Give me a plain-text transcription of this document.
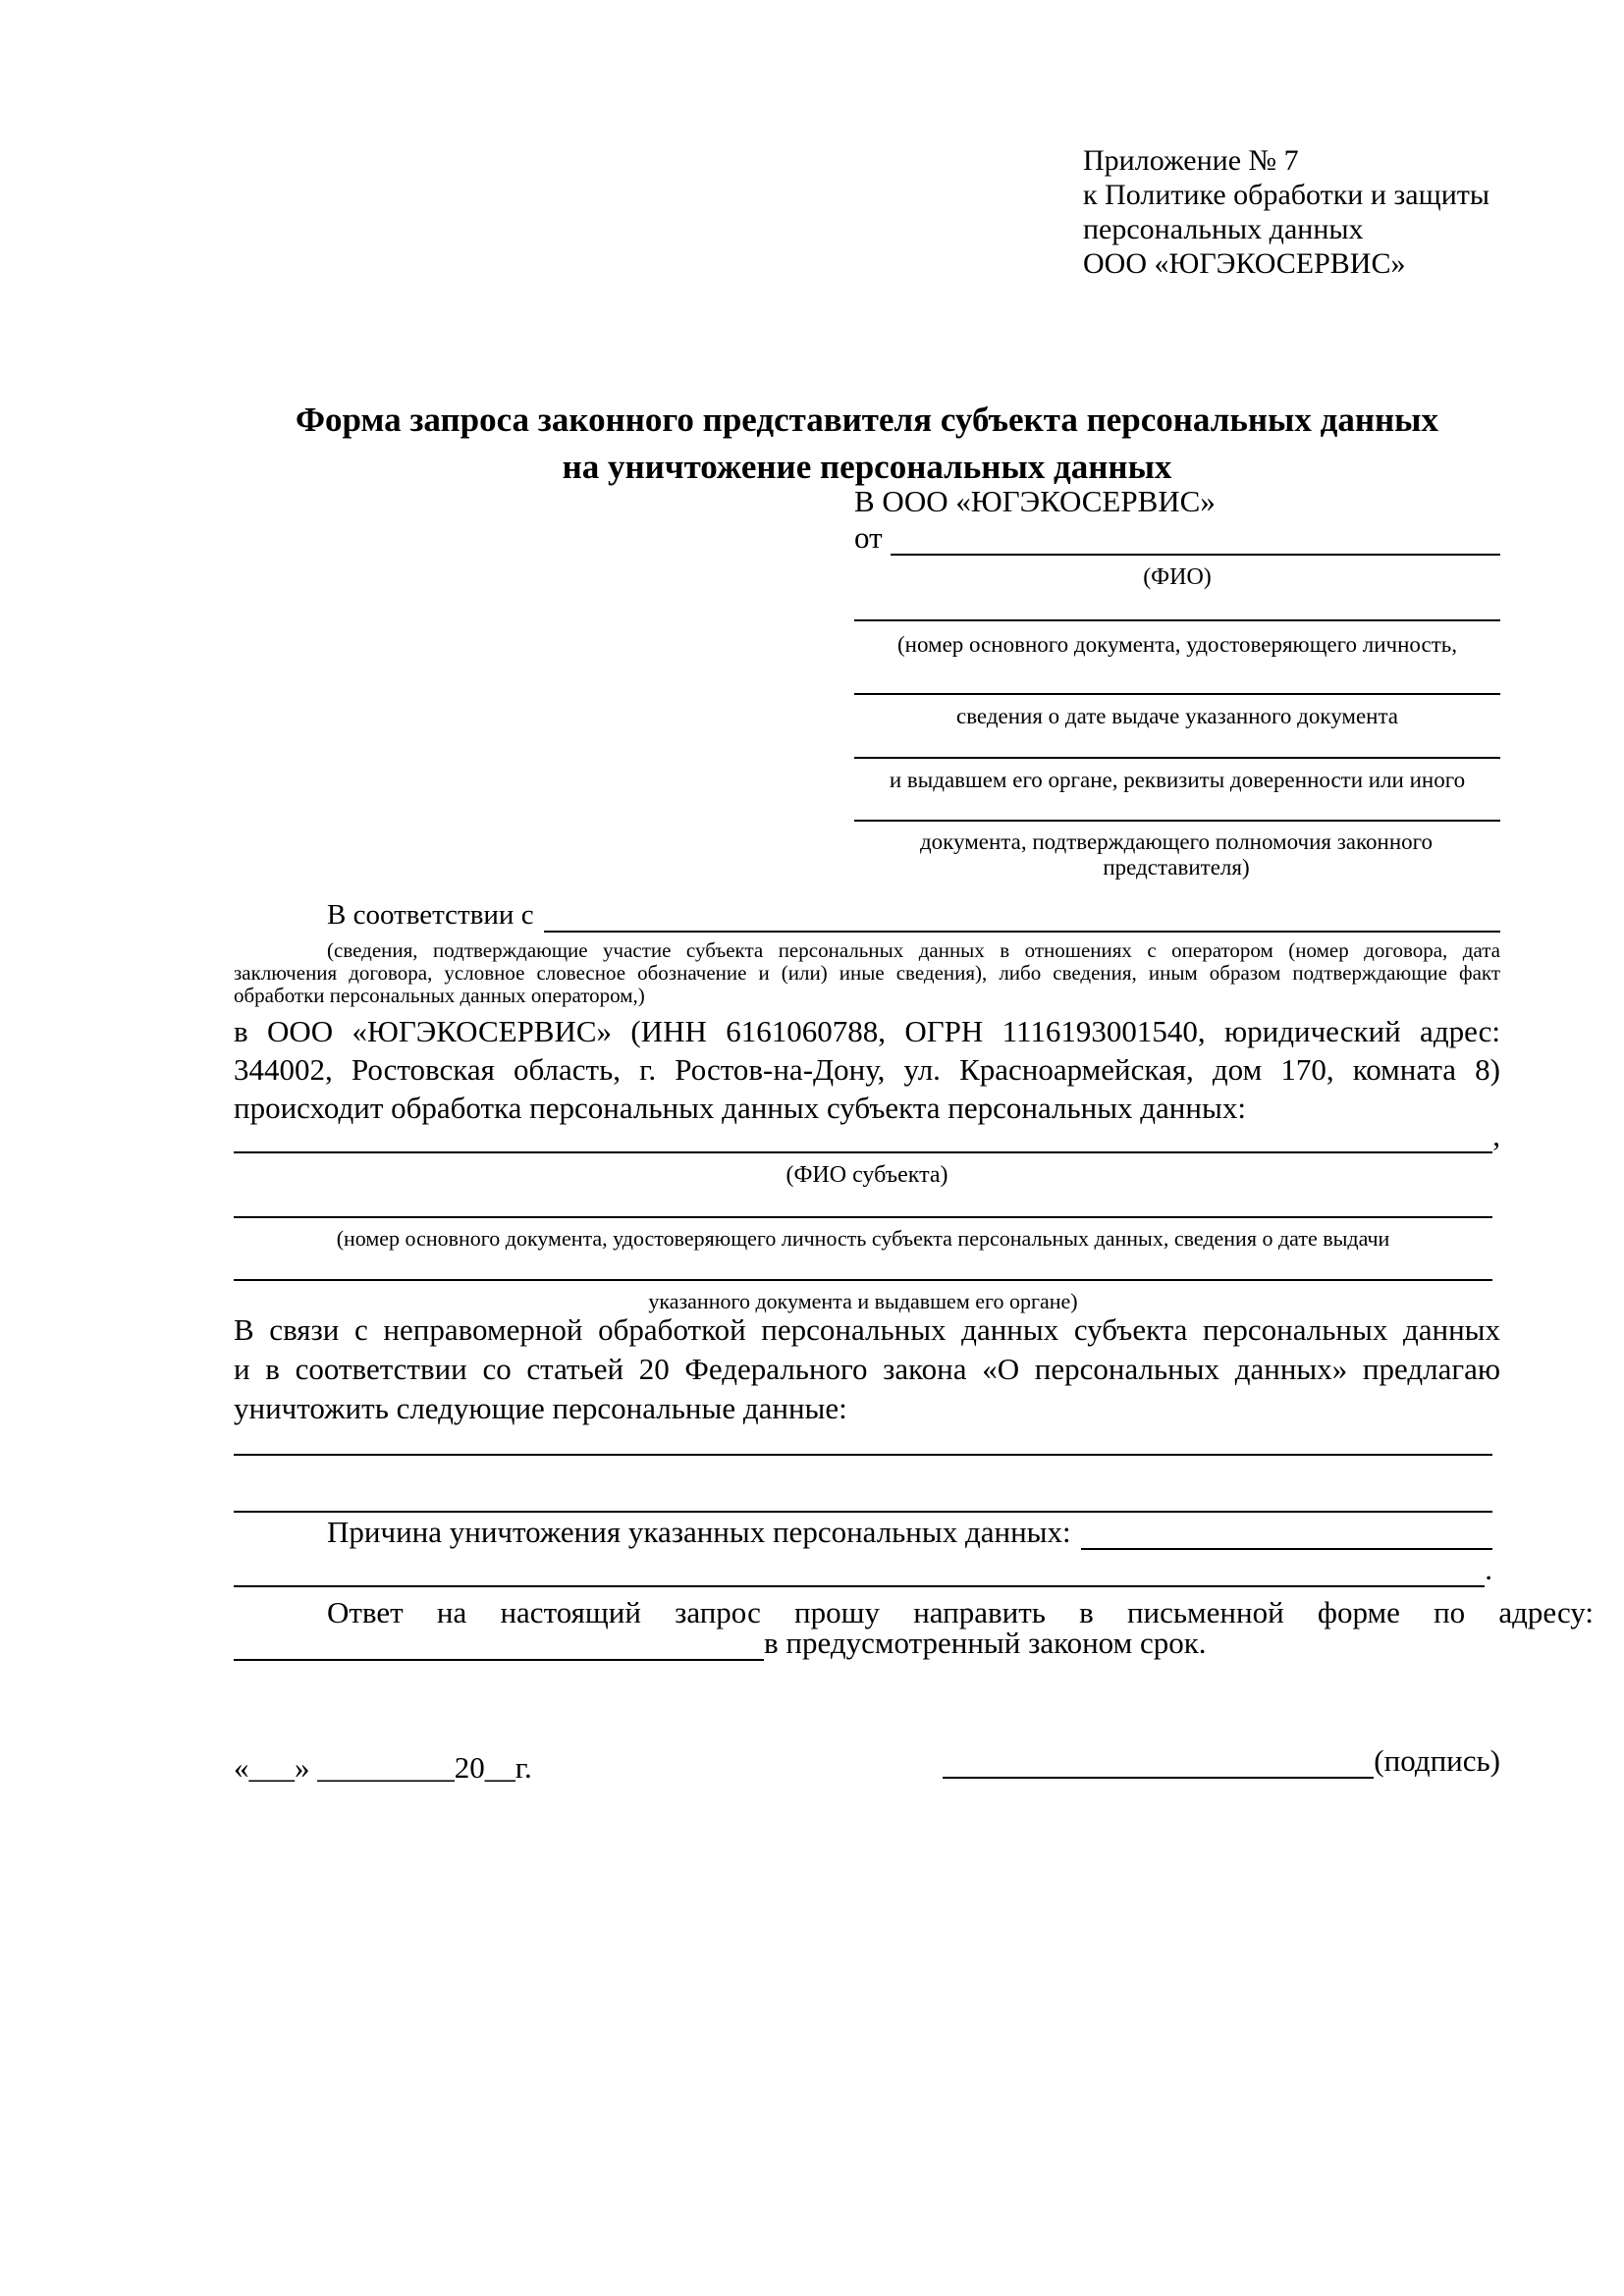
Приложение № 7
к Политике обработки и защиты
персональных данных
ООО «ЮГЭКОСЕРВИС»
Форма запроса законного представителя субъекта персональных данных
на уничтожение персональных данных
В ООО «ЮГЭКОСЕРВИС»
от
(ФИО)
(номер основного документа, удостоверяющего личность,
сведения о дате выдаче указанного документа
и выдавшем его органе, реквизиты доверенности или иного
документа, подтверждающего полномочия законного представителя)
В соответствии с
(сведения, подтверждающие участие субъекта персональных данных в отношениях с оператором (номер договора, дата
заключения договора, условное словесное обозначение и (или) иные сведения), либо сведения, иным образом подтверждающие факт
обработки персональных данных оператором,)
в ООО «ЮГЭКОСЕРВИС» (ИНН 6161060788, ОГРН 1116193001540, юридический адрес:
344002, Ростовская область, г. Ростов-на-Дону, ул. Красноармейская, дом 170, комната 8)
происходит обработка персональных данных субъекта персональных данных:
,
(ФИО субъекта)
(номер основного документа, удостоверяющего личность субъекта персональных данных, сведения о дате выдачи
указанного документа и выдавшем его органе)
В связи с неправомерной обработкой персональных данных субъекта персональных данных
и в соответствии со статьей 20 Федерального закона «О персональных данных» предлагаю
уничтожить следующие персональные данные:
Причина уничтожения указанных персональных данных:
.
Ответ на настоящий запрос прошу направить в письменной форме по адресу:
в предусмотренный законом срок.
«___» _________20__г.	(подпись)
